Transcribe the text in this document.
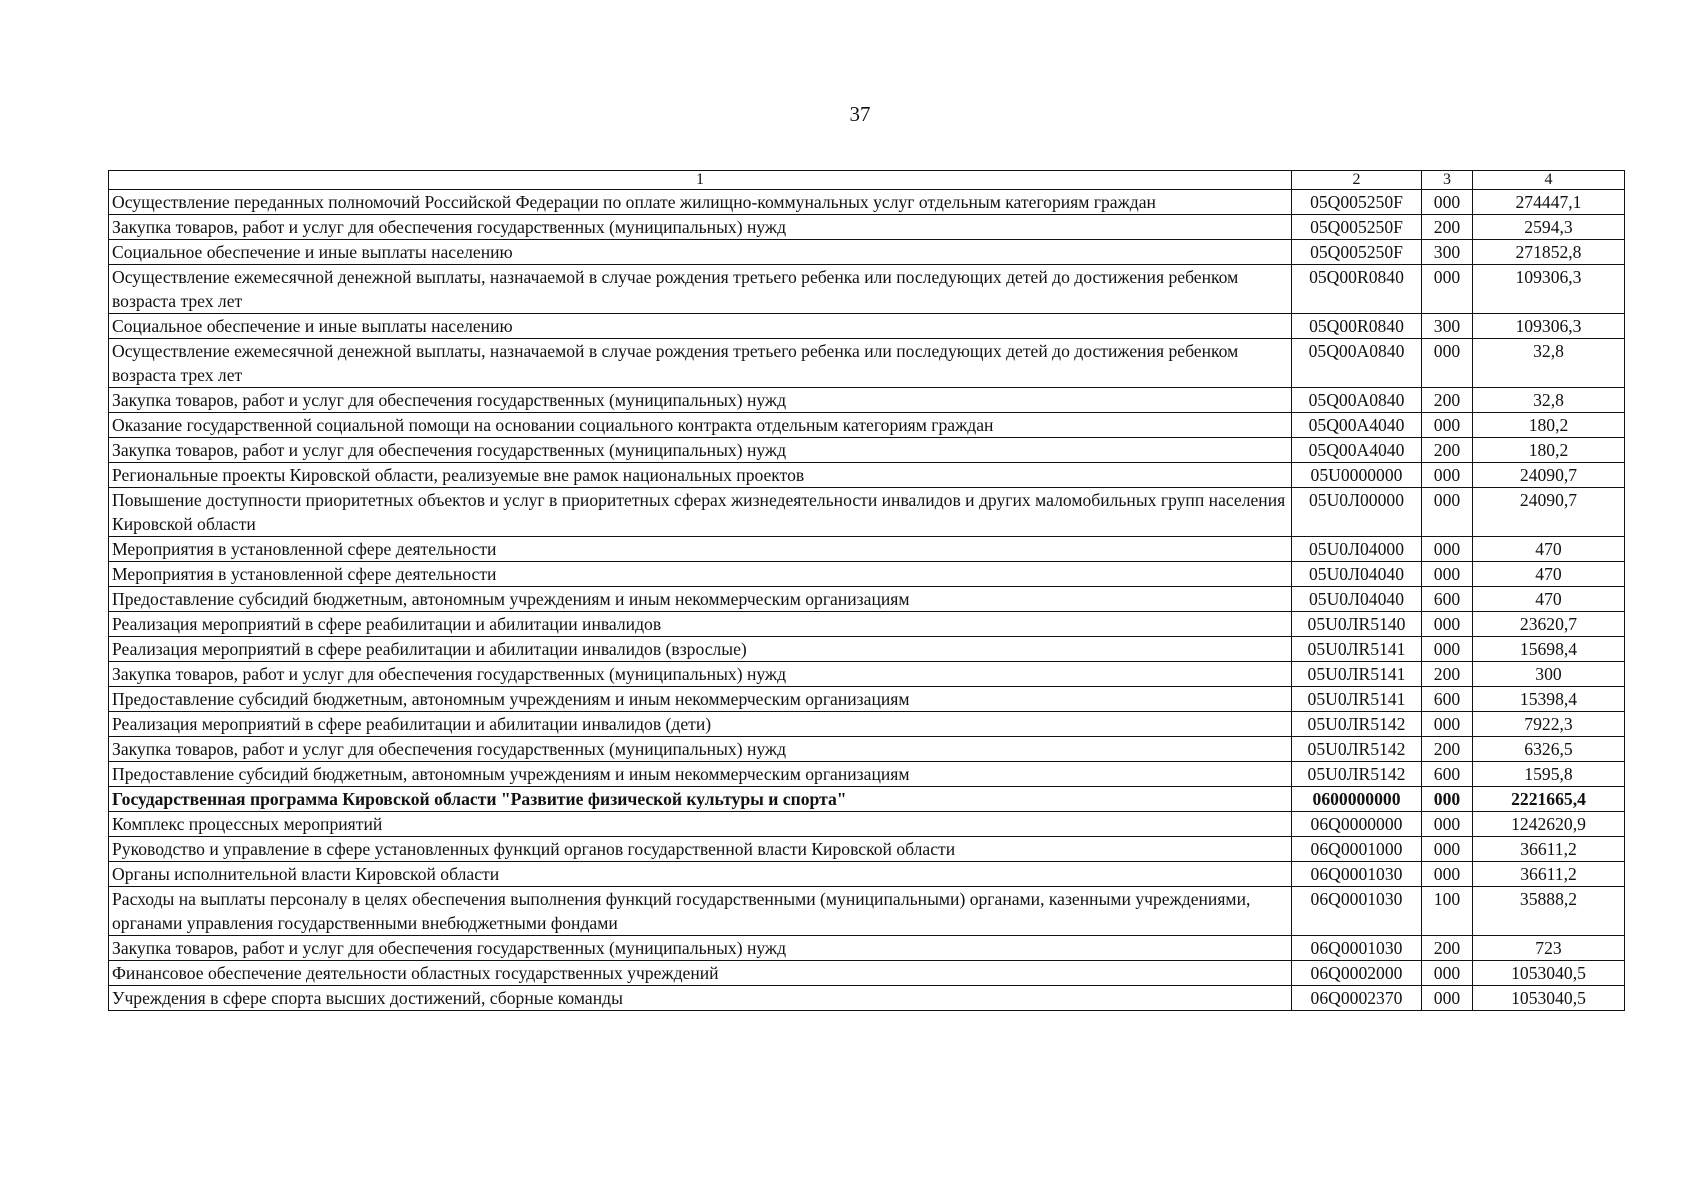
37
1	2	3	4
Осуществление переданных полномочий Российской Федерации по оплате жилищно-коммунальных услуг отдельным категориям граждан	05Q005250F	000	274447,1
Закупка товаров, работ и услуг для обеспечения государственных (муниципальных) нужд	05Q005250F	200	2594,3
Социальное обеспечение и иные выплаты населению	05Q005250F	300	271852,8
Осуществление ежемесячной денежной выплаты, назначаемой в случае рождения третьего ребенка или последующих детей до достижения ребенком возраста трех лет	05Q00R0840	000	109306,3
Социальное обеспечение и иные выплаты населению	05Q00R0840	300	109306,3
Осуществление ежемесячной денежной выплаты, назначаемой в случае рождения третьего ребенка или последующих детей до достижения ребенком возраста трех лет	05Q00A0840	000	32,8
Закупка товаров, работ и услуг для обеспечения государственных (муниципальных) нужд	05Q00A0840	200	32,8
Оказание государственной социальной помощи на основании социального контракта отдельным категориям граждан	05Q00A4040	000	180,2
Закупка товаров, работ и услуг для обеспечения государственных (муниципальных) нужд	05Q00A4040	200	180,2
Региональные проекты Кировской области, реализуемые вне рамок национальных проектов	05U0000000	000	24090,7
Повышение доступности приоритетных объектов и услуг в приоритетных сферах жизнедеятельности инвалидов и других маломобильных групп населения Кировской области	05U0Л00000	000	24090,7
Мероприятия в установленной сфере деятельности	05U0Л04000	000	470
Мероприятия в установленной сфере деятельности	05U0Л04040	000	470
Предоставление субсидий бюджетным, автономным учреждениям и иным некоммерческим организациям	05U0Л04040	600	470
Реализация мероприятий в сфере реабилитации и абилитации инвалидов	05U0ЛR5140	000	23620,7
Реализация мероприятий в сфере реабилитации и абилитации инвалидов (взрослые)	05U0ЛR5141	000	15698,4
Закупка товаров, работ и услуг для обеспечения государственных (муниципальных) нужд	05U0ЛR5141	200	300
Предоставление субсидий бюджетным, автономным учреждениям и иным некоммерческим организациям	05U0ЛR5141	600	15398,4
Реализация мероприятий в сфере реабилитации и абилитации инвалидов (дети)	05U0ЛR5142	000	7922,3
Закупка товаров, работ и услуг для обеспечения государственных (муниципальных) нужд	05U0ЛR5142	200	6326,5
Предоставление субсидий бюджетным, автономным учреждениям и иным некоммерческим организациям	05U0ЛR5142	600	1595,8
Государственная программа Кировской области "Развитие физической культуры и спорта"	0600000000	000	2221665,4
Комплекс процессных мероприятий	06Q0000000	000	1242620,9
Руководство и управление в сфере установленных функций органов государственной власти Кировской области	06Q0001000	000	36611,2
Органы исполнительной власти Кировской области	06Q0001030	000	36611,2
Расходы на выплаты персоналу в целях обеспечения выполнения функций государственными (муниципальными) органами, казенными учреждениями, органами управления государственными внебюджетными фондами	06Q0001030	100	35888,2
Закупка товаров, работ и услуг для обеспечения государственных (муниципальных) нужд	06Q0001030	200	723
Финансовое обеспечение деятельности областных государственных учреждений	06Q0002000	000	1053040,5
Учреждения в сфере спорта высших достижений, сборные команды	06Q0002370	000	1053040,5
